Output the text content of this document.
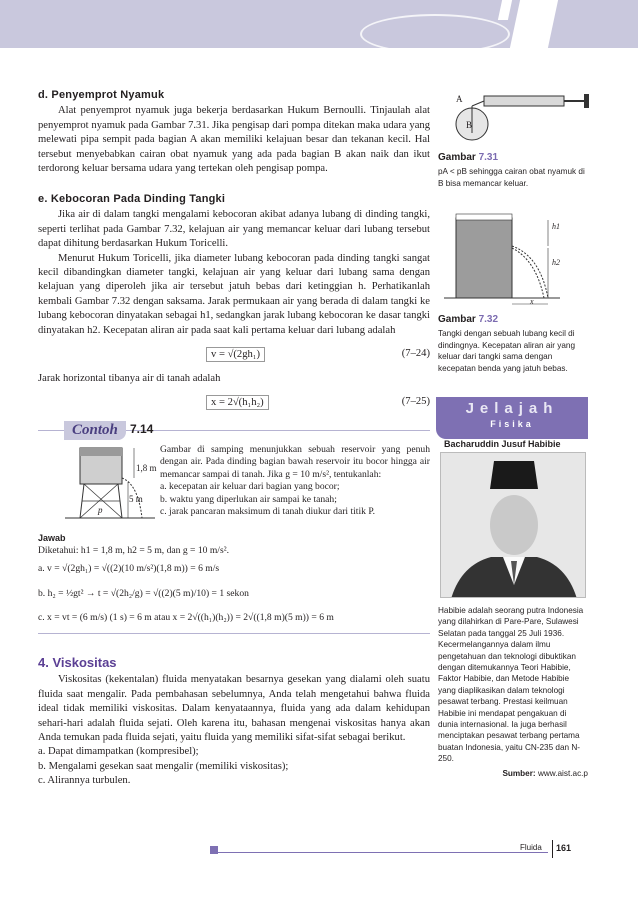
d. Penyemprot Nyamuk

Alat penyemprot nyamuk juga bekerja berdasarkan Hukum Bernoulli. Tinjaulah alat penyemprot nyamuk pada Gambar 7.31. Jika pengisap dari pompa ditekan maka udara yang melewati pipa sempit pada bagian A akan memiliki kelajuan besar dan tekanan kecil. Hal tersebut menyebabkan cairan obat nyamuk yang ada pada bagian B akan naik dan ikut terdorong keluar bersama udara yang tertekan oleh pengisap pompa.

e. Kebocoran Pada Dinding Tangki

Jika air di dalam tangki mengalami kebocoran akibat adanya lubang di dinding tangki, seperti terlihat pada Gambar 7.32, kelajuan air yang memancar keluar dari lubang tersebut dapat dihitung berdasarkan Hukum Toricelli.

Menurut Hukum Toricelli, jika diameter lubang kebocoran pada dinding tangki sangat kecil dibandingkan diameter tangki, kelajuan air yang keluar dari lubang sama dengan kelajuan yang diperoleh jika air tersebut jatuh bebas dari ketinggian h. Perhatikanlah kembali Gambar 7.32 dengan saksama. Jarak permukaan air yang berada di dalam tangki ke lubang kebocoran dinyatakan sebagai h1, sedangkan jarak lubang kebocoran ke dasar tangki dinyatakan h2. Kecepatan aliran air pada saat kali pertama keluar dari lubang adalah

v = √(2gh₁)	(7–24)

Jarak horizontal tibanya air di tanah adalah

x = 2√(h₁h₂)	(7–25)
Contoh	7.14
1,8 m
5 m
p
Gambar di samping menunjukkan sebuah reservoir yang penuh dengan air. Pada dinding bagian bawah reservoir itu bocor hingga air memancar sampai di tanah. Jika g = 10 m/s², tentukanlah:
a. kecepatan air keluar dari bagian yang bocor;
b. waktu yang diperlukan air sampai ke tanah;
c. jarak pancaran maksimum di tanah diukur dari titik P.
Jawab
Diketahui: h1 = 1,8 m, h2 = 5 m, dan g = 10 m/s².
a. v = √(2gh₁) = √((2)(10 m/s²)(1,8 m)) = 6 m/s
b. h₂ = ½gt² → t = √(2h₂/g) = √((2)(5 m)/10) = 1 sekon
c. x = vt = (6 m/s) (1 s) = 6 m atau x = 2√((h₁)(h₂)) = 2√((1,8 m)(5 m)) = 6 m
4. Viskositas

Viskositas (kekentalan) fluida menyatakan besarnya gesekan yang dialami oleh suatu fluida saat mengalir. Pada pembahasan sebelumnya, Anda telah mengetahui bahwa fluida ideal tidak memiliki viskositas. Dalam kenyataannya, fluida yang ada dalam kehidupan sehari-hari adalah fluida sejati. Oleh karena itu, bahasan mengenai viskositas hanya akan Anda temukan pada fluida sejati, yaitu fluida yang memiliki sifat-sifat sebagai berikut.

a. Dapat dimampatkan (kompresibel);
b. Mengalami gesekan saat mengalir (memiliki viskositas);
c. Alirannya turbulen.
A
B
Gambar 7.31
pA < pB sehingga cairan obat nyamuk di B bisa memancar keluar.
h1
h2
x
Gambar 7.32
Tangki dengan sebuah lubang kecil di dindingnya. Kecepatan aliran air yang keluar dari tangki sama dengan kecepatan benda yang jatuh bebas.
Jelajah
Fisika
Bacharuddin Jusuf Habibie
Habibie adalah seorang putra Indonesia yang dilahirkan di Pare-Pare, Sulawesi Selatan pada tanggal 25 Juli 1936. Kecermelangannya dalam ilmu pengetahuan dan teknologi dibuktikan dengan ditemukannya Teori Habibie, Faktor Habibie, dan Metode Habibie yang diaplikasikan dalam teknologi pesawat terbang. Prestasi keilmuan Habibie ini mendapat pengakuan di dunia internasional. Ia juga berhasil menciptakan pesawat terbang pertama buatan Indonesia, yaitu CN-235 dan N-250.
Sumber: www.aist.ac.p
Fluida 161
